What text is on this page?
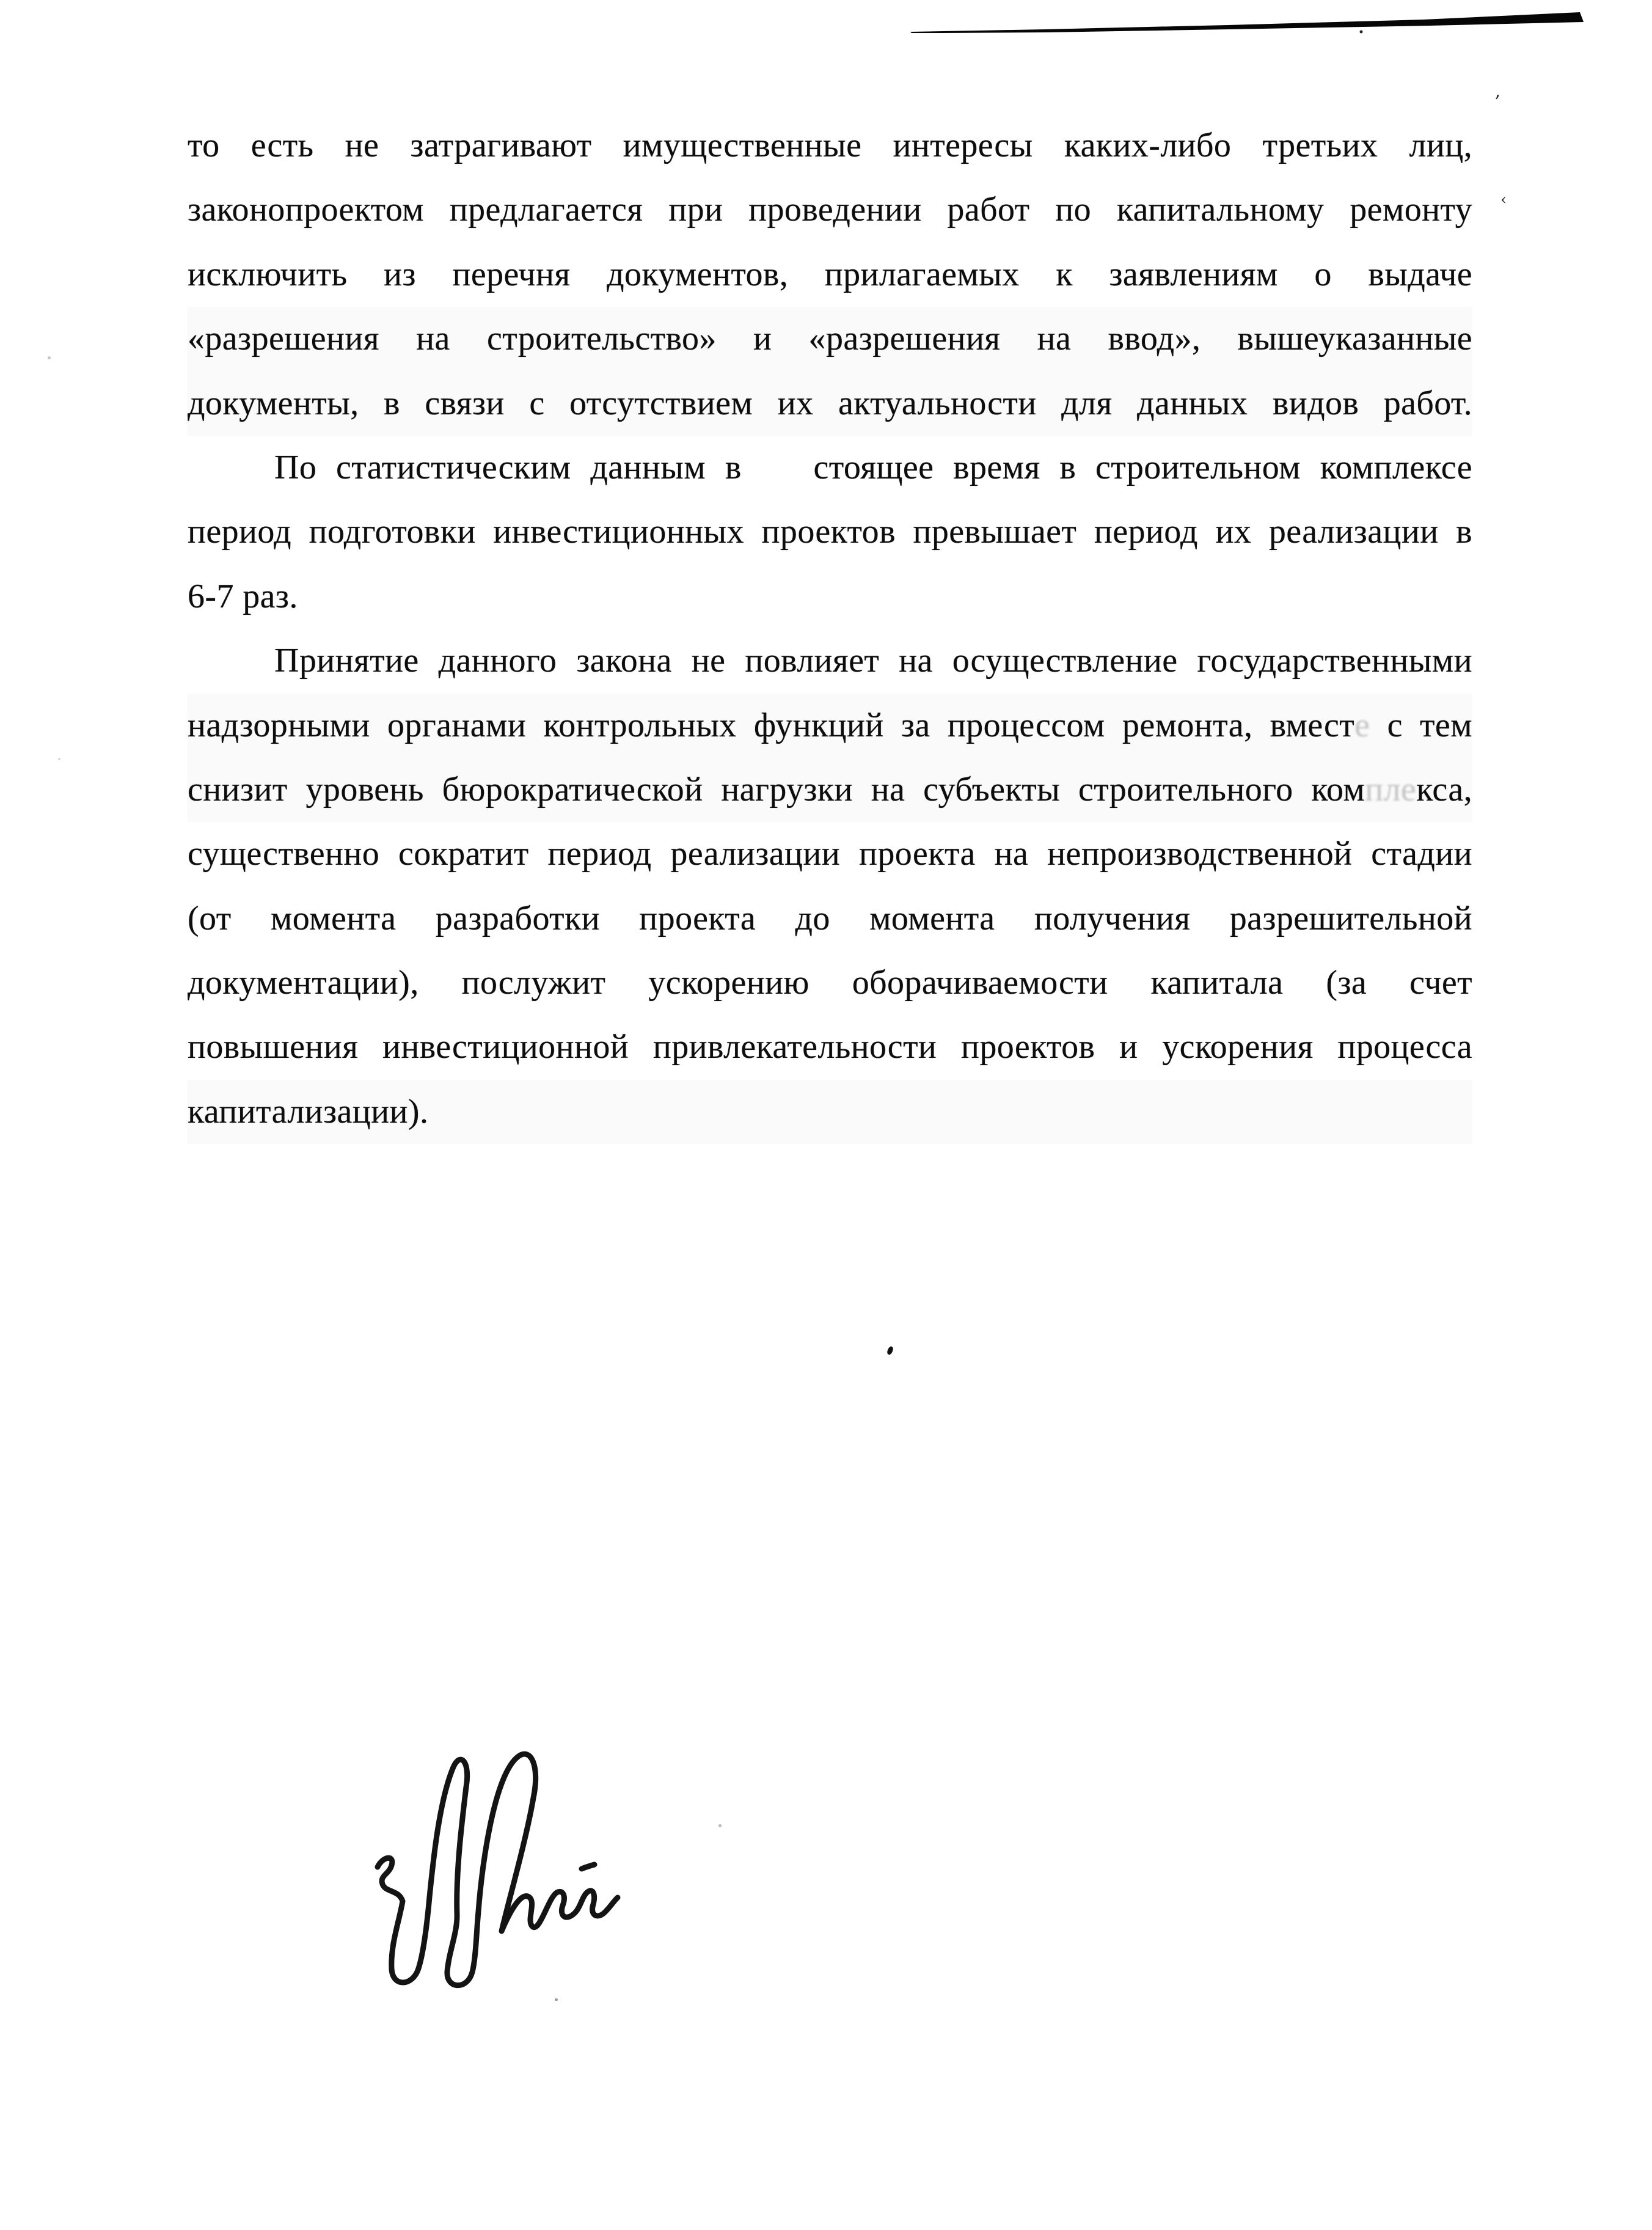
’
‹
то есть не затрагивают имущественные интересы каких-либо третьих лиц,
законопроектом предлагается при проведении работ по капитальному ремонту
исключить из перечня документов, прилагаемых к заявлениям о выдаче
«разрешения на строительство» и «разрешения на ввод», вышеуказанные
документы, в связи с отсутствием их актуальности для данных видов работ.
По статистическим данным в стоящее время в строительном комплексе
период подготовки инвестиционных проектов превышает период их реализации в
6-7 раз.
Принятие данного закона не повлияет на осуществление государственными
надзорными органами контрольных функций за процессом ремонта, вместе с тем
снизит уровень бюрократической нагрузки на субъекты строительного комплекса,
существенно сократит период реализации проекта на непроизводственной стадии
(от момента разработки проекта до момента получения разрешительной
документации), послужит ускорению оборачиваемости капитала (за счет
повышения инвестиционной привлекательности проектов и ускорения процесса
капитализации).
